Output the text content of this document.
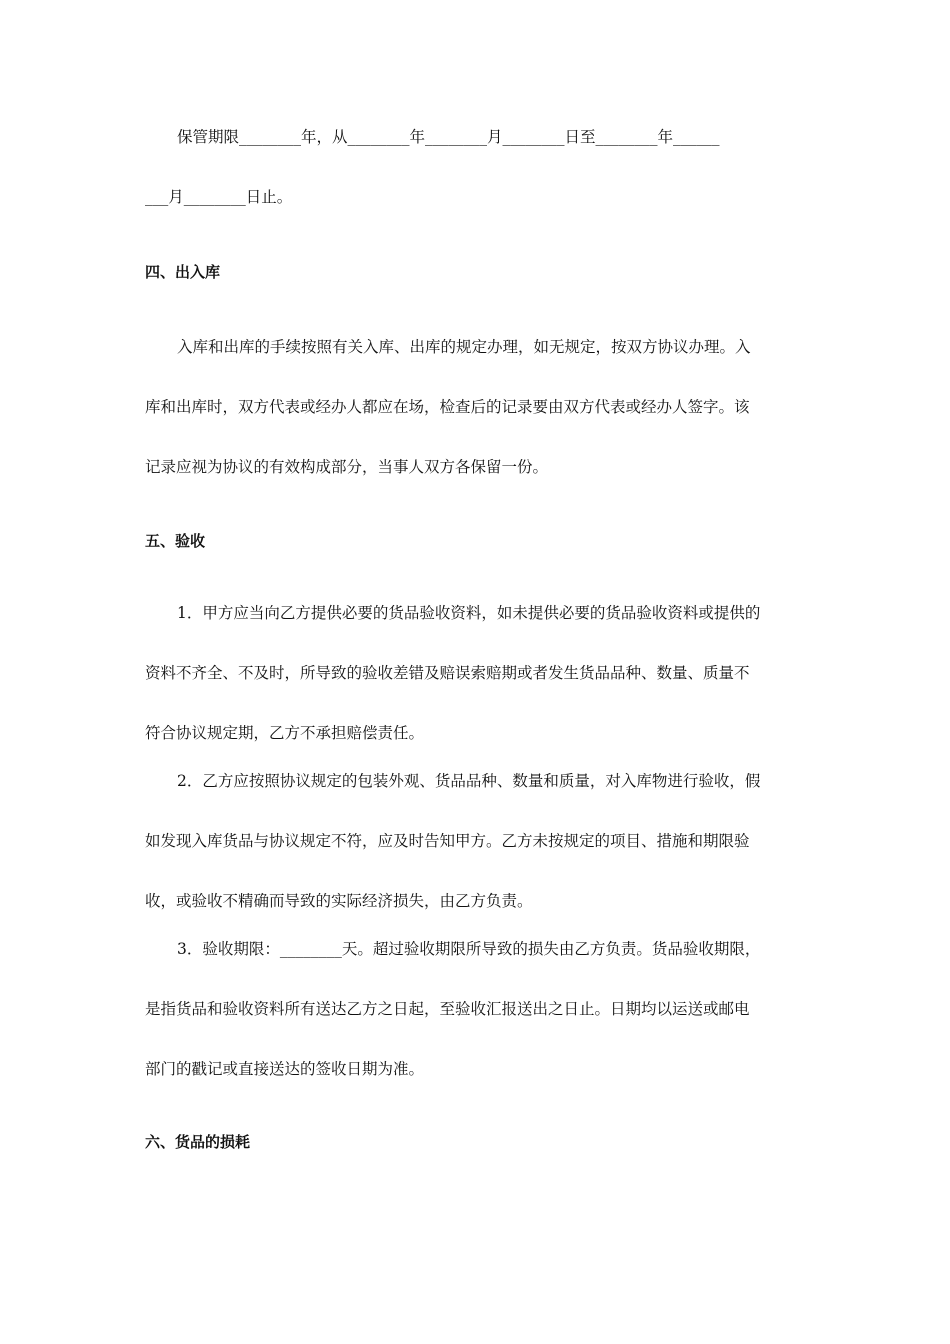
保管期限________年，从________年________月________日至________年______
___月________日止。
四、出入库
入库和出库的手续按照有关入库、出库的规定办理，如无规定，按双方协议办理。入
库和出库时，双方代表或经办人都应在场，检查后的记录要由双方代表或经办人签字。该
记录应视为协议的有效构成部分，当事人双方各保留一份。
五、验收
1．甲方应当向乙方提供必要的货品验收资料，如未提供必要的货品验收资料或提供的
资料不齐全、不及时，所导致的验收差错及赔误索赔期或者发生货品品种、数量、质量不
符合协议规定期，乙方不承担赔偿责任。
2．乙方应按照协议规定的包装外观、货品品种、数量和质量，对入库物进行验收，假
如发现入库货品与协议规定不符，应及时告知甲方。乙方未按规定的项目、措施和期限验
收，或验收不精确而导致的实际经济损失，由乙方负责。
3．验收期限：________天。超过验收期限所导致的损失由乙方负责。货品验收期限，
是指货品和验收资料所有送达乙方之日起，至验收汇报送出之日止。日期均以运送或邮电
部门的戳记或直接送达的签收日期为准。
六、货品的损耗
